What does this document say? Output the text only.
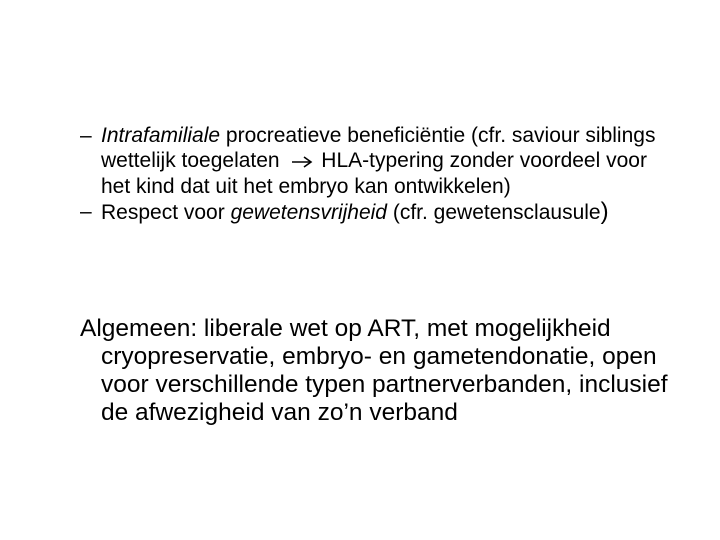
– Intrafamiliale procreatieve beneficiëntie (cfr. saviour siblings wettelijk toegelaten  HLA-typering zonder voordeel voor het kind dat uit het embryo kan ontwikkelen)
– Respect voor gewetensvrijheid (cfr. gewetensclausule)

Algemeen: liberale wet op ART, met mogelijkheid cryopreservatie, embryo- en gametendonatie, open voor verschillende typen partnerverbanden, inclusief de afwezigheid van zo’n verband
